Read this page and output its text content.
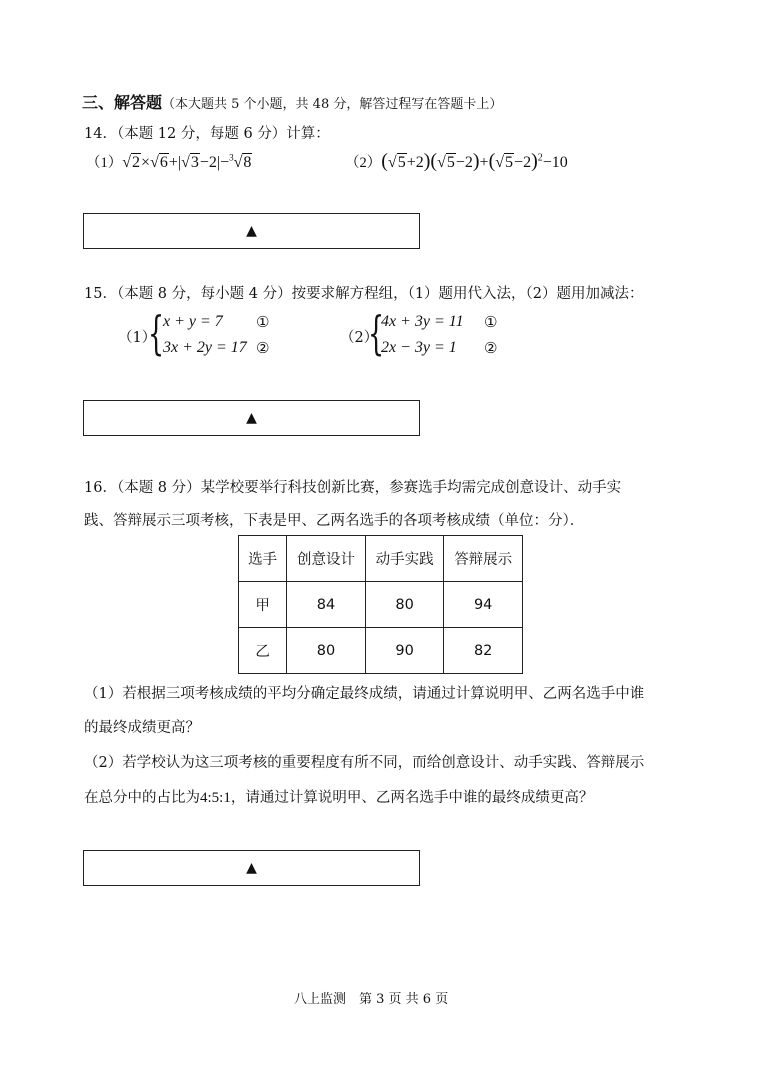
三、解答题（本大题共 5 个小题，共 48 分，解答过程写在答题卡上）
14．（本题 12 分，每题 6 分）计算：
（1）√2×√6+|√3−2|−$^3$√8	$(2)(√5+2)(√5-2)+(√5-2)^2-10$
▲
15．（本题 8 分，每小题 4 分）按要求解方程组，（1）题用代入法，（2）题用加减法：
（1）
{
x + y = 7
3x + 2y = 17
①
②
（2）
{
4x + 3y = 11
2x − 3y = 1
①
②
▲
16．（本题 8 分）某学校要举行科技创新比赛，参赛选手均需完成创意设计、动手实
践、答辩展示三项考核，下表是甲、乙两名选手的各项考核成绩（单位：分）．
选手	创意设计	动手实践	答辩展示
甲	84	80	94
乙	80	90	82
（1）若根据三项考核成绩的平均分确定最终成绩，请通过计算说明甲、乙两名选手中谁
的最终成绩更高？
（2）若学校认为这三项考核的重要程度有所不同，而给创意设计、动手实践、答辩展示
在总分中的占比为4:5:1，请通过计算说明甲、乙两名选手中谁的最终成绩更高？
▲
八上监测　第 3 页 共 6 页
